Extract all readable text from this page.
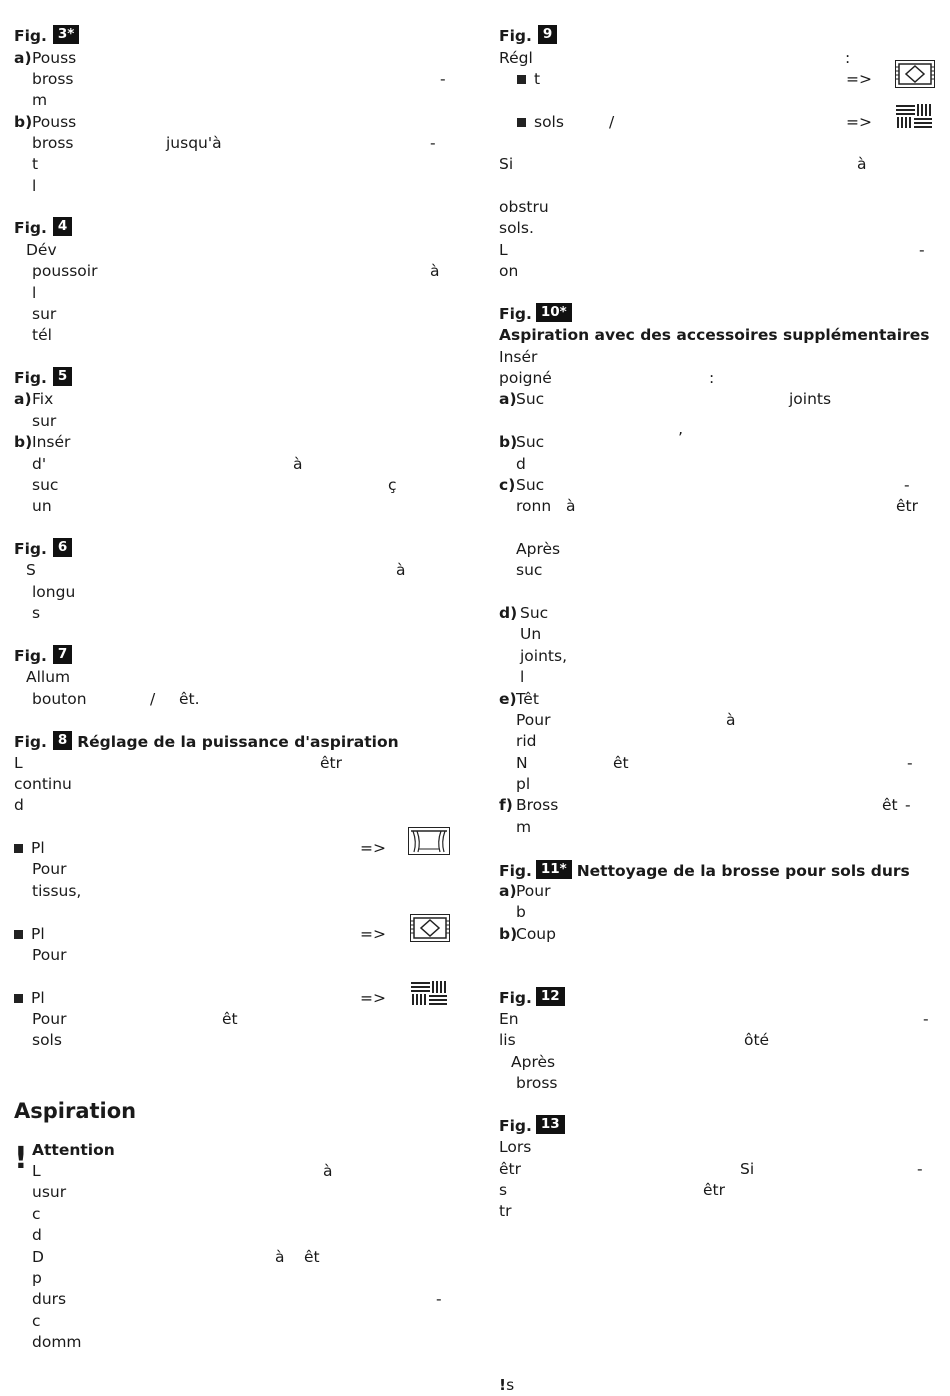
Fig. 3*
a) Pouss
bross	-
m
b) Pouss
bross	jusqu'à	-
t
l
Fig. 4
Dév
poussoir	à
l
sur
tél
Fig. 5
a) Fix
sur
b) Insér
d'	à
suc	ç
un
Fig. 6
S	à
longu
s
Fig. 7
Allum
bouton	/ êt.
Fig. 8 Réglage de la puissance d'aspiration
L	êtr
continu
d
Pl	=>
Pour
tissus,
Pl	=>
Pour
Pl	=>
Pour	êt
sols
Aspiration
! Attention
L	à
usur
c
d
D	à êt
p
durs	-
c
domm
Fig. 9
Régl	:
t	=>
sols	/	=>
Si	à
obstru
sols.
L	-
on
Fig. 10*
Aspiration avec des accessoires supplémentaires
Insér
poigné	:
a) Suc	joints
b)
Suc	’
d
c) Suc	-
ronn à	êtr
Après
suc
d) Suc
Un
joints,
l
e) Têt
Pour	à
rid
N	êt	-
pl
f) Bross	êt -
m
Fig. 11* Nettoyage de la brosse pour sols durs
a) Pour
b
b)
Coup
Fig. 12
En	-
lis	ôté
Après
bross
Fig. 13
Lors
êtr	Si	-
s	êtr
tr
!s
